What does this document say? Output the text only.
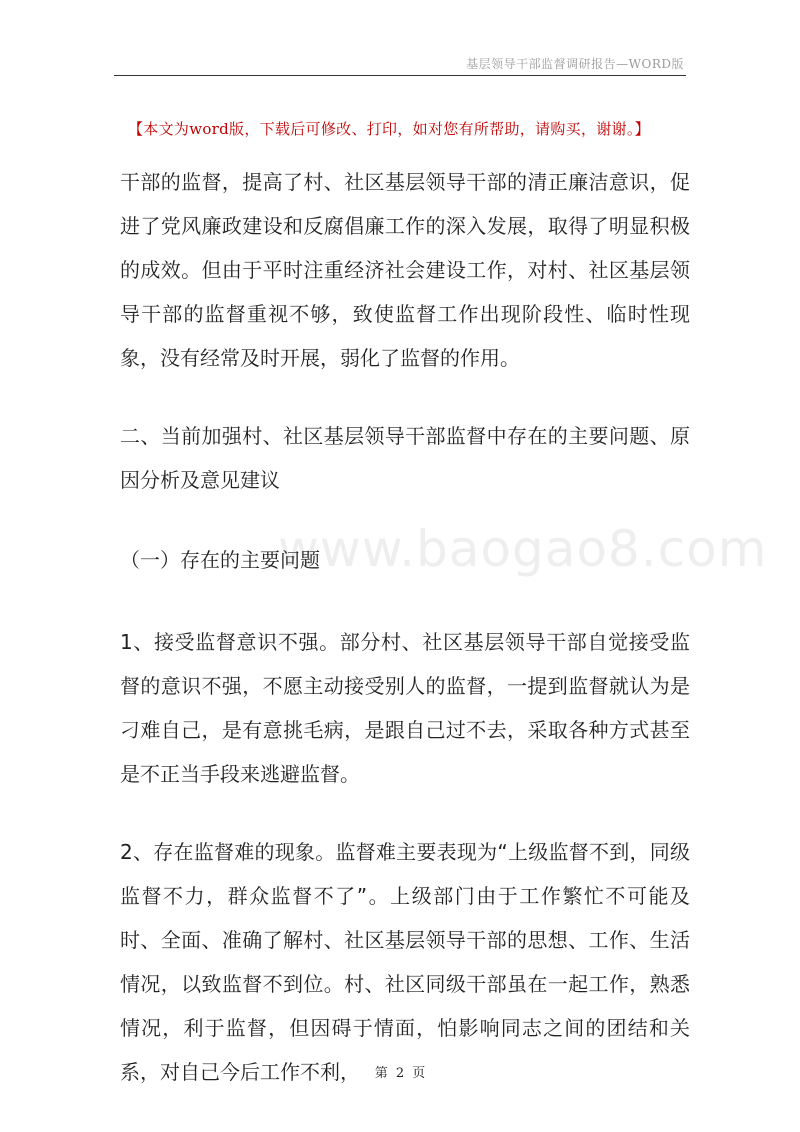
基层领导干部监督调研报告—WORD版
【本文为word版，下载后可修改、打印，如对您有所帮助，请购买，谢谢。】

干部的监督，提高了村、社区基层领导干部的清正廉洁意识，促进了党风廉政建设和反腐倡廉工作的深入发展，取得了明显积极的成效。但由于平时注重经济社会建设工作，对村、社区基层领导干部的监督重视不够，致使监督工作出现阶段性、临时性现象，没有经常及时开展，弱化了监督的作用。

二、当前加强村、社区基层领导干部监督中存在的主要问题、原因分析及意见建议

www.baogao8.com

（一）存在的主要问题

1、接受监督意识不强。部分村、社区基层领导干部自觉接受监督的意识不强，不愿主动接受别人的监督，一提到监督就认为是刁难自己，是有意挑毛病，是跟自己过不去，采取各种方式甚至是不正当手段来逃避监督。

2、存在监督难的现象。监督难主要表现为“上级监督不到，同级监督不力，群众监督不了”。上级部门由于工作繁忙不可能及时、全面、准确了解村、社区基层领导干部的思想、工作、生活情况，以致监督不到位。村、社区同级干部虽在一起工作，熟悉情况，利于监督，但因碍于情面，怕影响同志之间的团结和关系，对自己今后工作不利，	第 2 页
